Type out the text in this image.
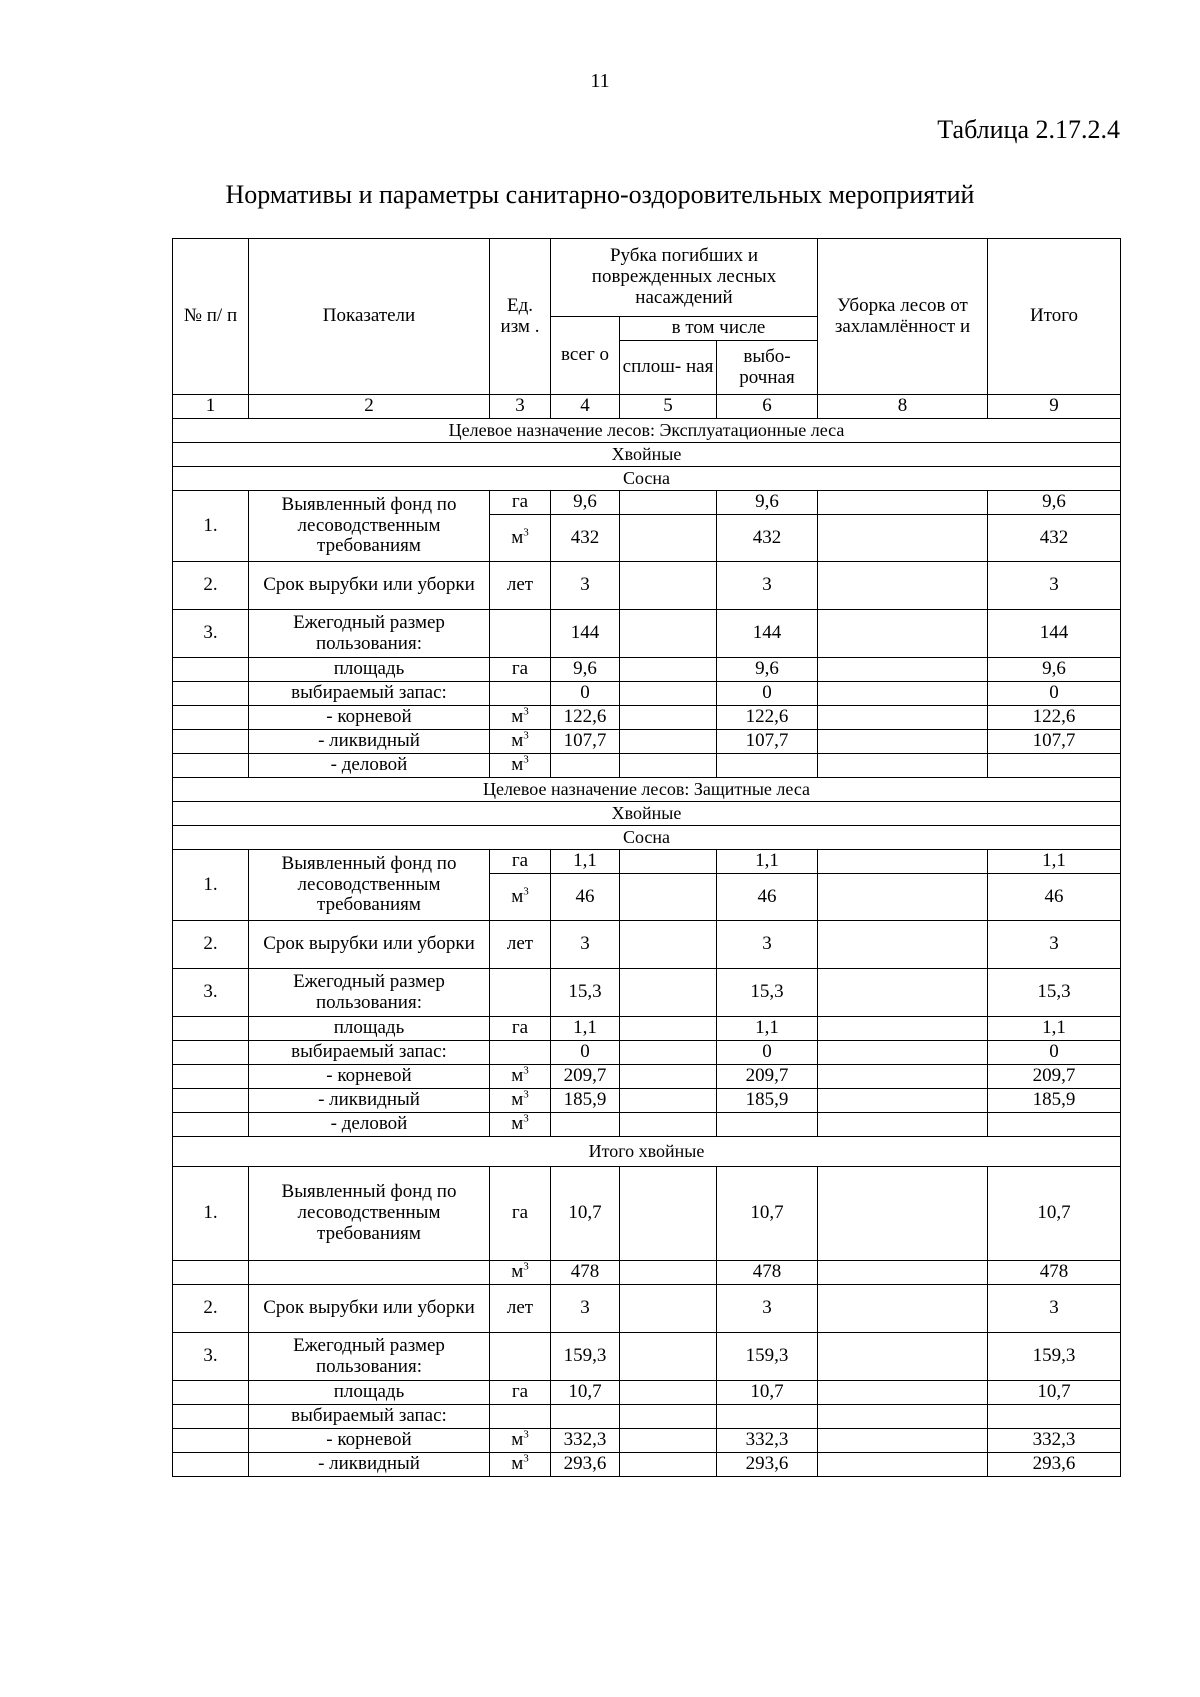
11
Таблица 2.17.2.4
Нормативы и параметры санитарно-оздоровительных мероприятий
№ п/ п	Показатели	Ед. изм .	Рубка погибших и поврежденных лесных насаждений			Уборка лесов от захламлённост и	Итого
			всег о	в том числе			
				сплош- ная	выбо- рочная		
1	2	3	4	5	6	8	9
Целевое назначение лесов: Эксплуатационные леса							
Хвойные							
Сосна							
1.	Выявленный фонд по лесоводственным требованиям	га	9,6		9,6		9,6
		$м^3$	432		432		432
2.	Срок вырубки или уборки	лет	3		3		3
3.	Ежегодный размер пользования:		144		144		144
	площадь	га	9,6		9,6		9,6
	выбираемый запас:		0		0		0
	- корневой	$м^3$	122,6		122,6		122,6
	- ликвидный	$м^3$	107,7		107,7		107,7
	- деловой	$м^3$					
Целевое назначение лесов: Защитные леса							
Хвойные							
Сосна							
1.	Выявленный фонд по лесоводственным требованиям	га	1,1		1,1		1,1
		$м^3$	46		46		46
2.	Срок вырубки или уборки	лет	3		3		3
3.	Ежегодный размер пользования:		15,3		15,3		15,3
	площадь	га	1,1		1,1		1,1
	выбираемый запас:		0		0		0
	- корневой	$м^3$	209,7		209,7		209,7
	- ликвидный	$м^3$	185,9		185,9		185,9
	- деловой	$м^3$					
Итого хвойные							
1.	Выявленный фонд по лесоводственным требованиям	га	10,7		10,7		10,7
		$м^3$	478		478		478
2.	Срок вырубки или уборки	лет	3		3		3
3.	Ежегодный размер пользования:		159,3		159,3		159,3
	площадь	га	10,7		10,7		10,7
	выбираемый запас:						
	- корневой	$м^3$	332,3		332,3		332,3
	- ликвидный	$м^3$	293,6		293,6		293,6
